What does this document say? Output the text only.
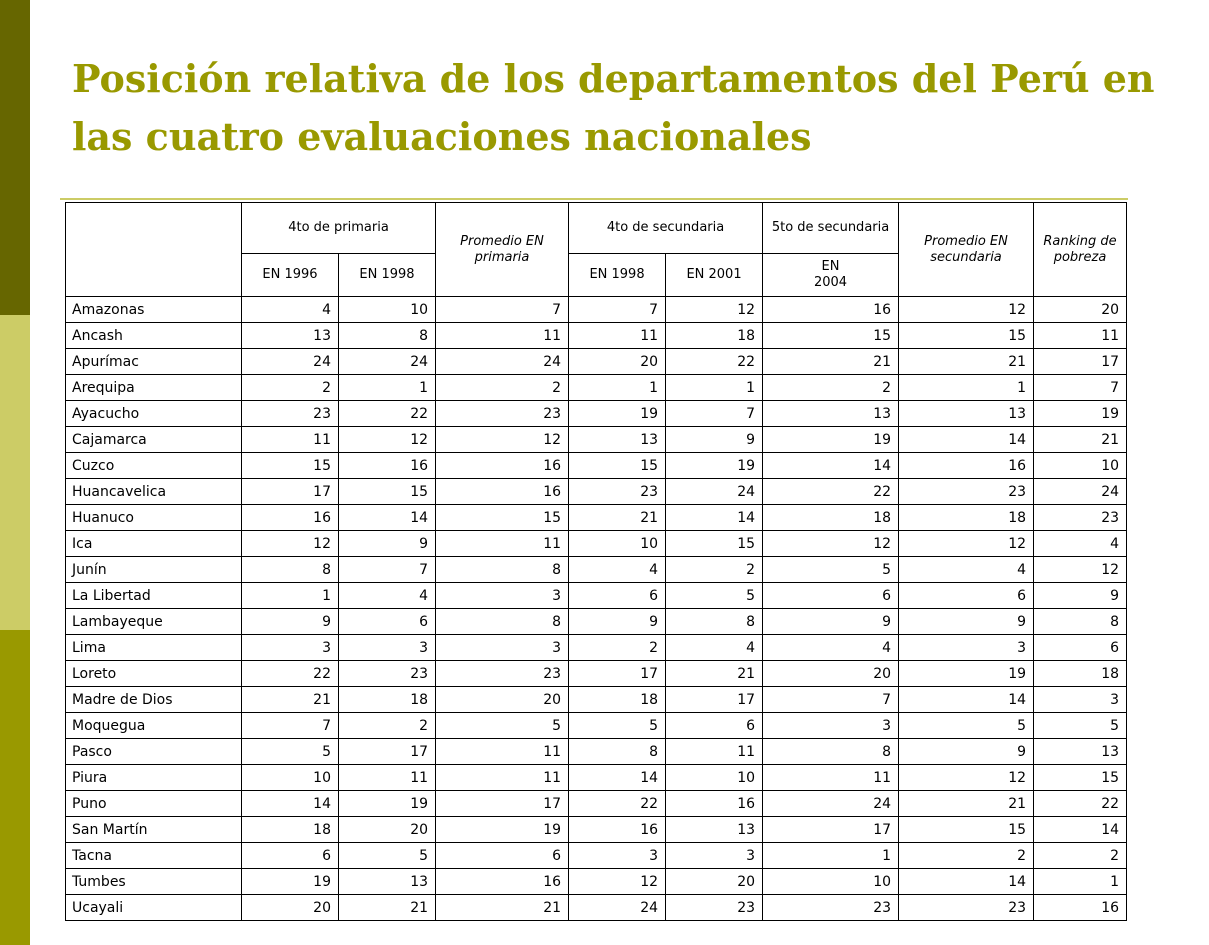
Posición relativa de los departamentos del Perú en las cuatro evaluaciones nacionales
	4to de primaria		Promedio EN primaria	4to de secundaria		5to de secundaria	Promedio EN secundaria	Ranking de pobreza
	EN 1996	EN 1998		EN 1998	EN 2001	EN 2004		
Amazonas	4	10	7	7	12	16	12	20
Ancash	13	8	11	11	18	15	15	11
Apurímac	24	24	24	20	22	21	21	17
Arequipa	2	1	2	1	1	2	1	7
Ayacucho	23	22	23	19	7	13	13	19
Cajamarca	11	12	12	13	9	19	14	21
Cuzco	15	16	16	15	19	14	16	10
Huancavelica	17	15	16	23	24	22	23	24
Huanuco	16	14	15	21	14	18	18	23
Ica	12	9	11	10	15	12	12	4
Junín	8	7	8	4	2	5	4	12
La Libertad	1	4	3	6	5	6	6	9
Lambayeque	9	6	8	9	8	9	9	8
Lima	3	3	3	2	4	4	3	6
Loreto	22	23	23	17	21	20	19	18
Madre de Dios	21	18	20	18	17	7	14	3
Moquegua	7	2	5	5	6	3	5	5
Pasco	5	17	11	8	11	8	9	13
Piura	10	11	11	14	10	11	12	15
Puno	14	19	17	22	16	24	21	22
San Martín	18	20	19	16	13	17	15	14
Tacna	6	5	6	3	3	1	2	2
Tumbes	19	13	16	12	20	10	14	1
Ucayali	20	21	21	24	23	23	23	16
